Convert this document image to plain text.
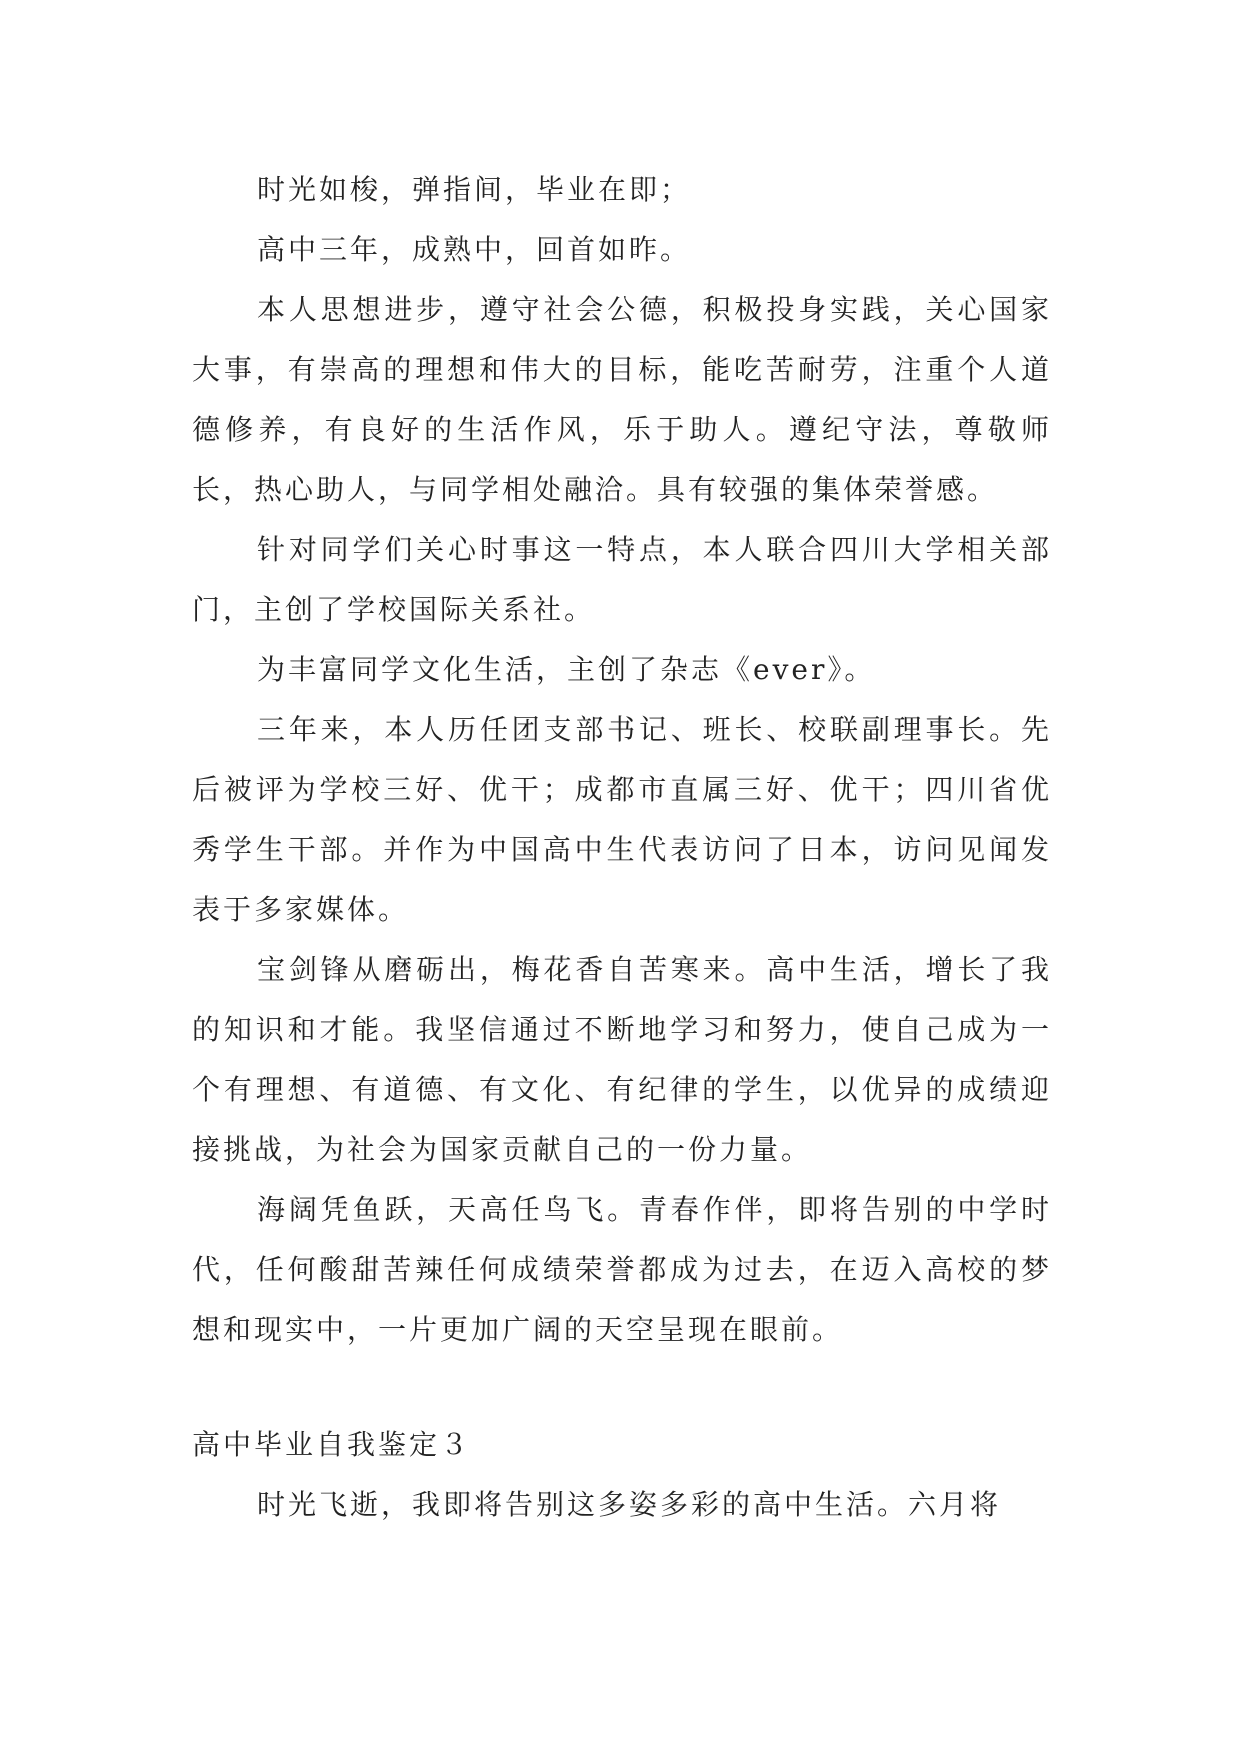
时光如梭，弹指间，毕业在即；

高中三年，成熟中，回首如昨。

本人思想进步，遵守社会公德，积极投身实践，关心国家大事，有崇高的理想和伟大的目标，能吃苦耐劳，注重个人道德修养，有良好的生活作风，乐于助人。遵纪守法，尊敬师长，热心助人，与同学相处融洽。具有较强的集体荣誉感。

针对同学们关心时事这一特点，本人联合四川大学相关部门，主创了学校国际关系社。

为丰富同学文化生活，主创了杂志《ever》。

三年来，本人历任团支部书记、班长、校联副理事长。先后被评为学校三好、优干；成都市直属三好、优干；四川省优秀学生干部。并作为中国高中生代表访问了日本，访问见闻发表于多家媒体。

宝剑锋从磨砺出，梅花香自苦寒来。高中生活，增长了我的知识和才能。我坚信通过不断地学习和努力，使自己成为一个有理想、有道德、有文化、有纪律的学生，以优异的成绩迎接挑战，为社会为国家贡献自己的一份力量。

海阔凭鱼跃，天高任鸟飞。青春作伴，即将告别的中学时代，任何酸甜苦辣任何成绩荣誉都成为过去，在迈入高校的梦想和现实中，一片更加广阔的天空呈现在眼前。

高中毕业自我鉴定３

时光飞逝，我即将告别这多姿多彩的高中生活。六月将
